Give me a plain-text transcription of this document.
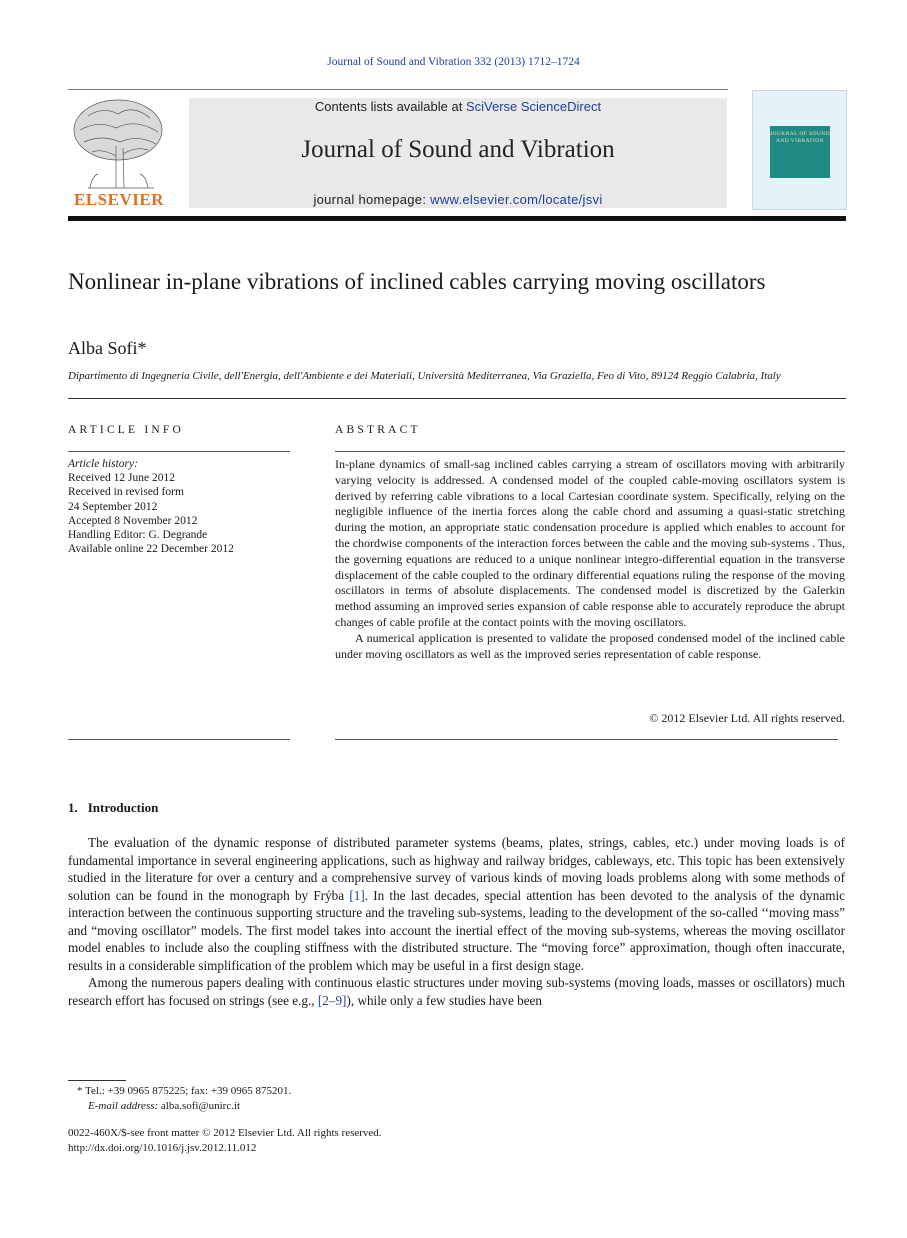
Journal of Sound and Vibration 332 (2013) 1712–1724
ELSEVIER
Contents lists available at SciVerse ScienceDirect
Journal of Sound and Vibration
journal homepage: www.elsevier.com/locate/jsvi
JOURNAL OF SOUND AND VIBRATION
Nonlinear in-plane vibrations of inclined cables carrying moving oscillators
Alba Sofi*
Dipartimento di Ingegneria Civile, dell'Energia, dell'Ambiente e dei Materiali, Università Mediterranea, Via Graziella, Feo di Vito, 89124 Reggio Calabria, Italy
ARTICLE INFO
Article history:
Received 12 June 2012
Received in revised form
24 September 2012
Accepted 8 November 2012
Handling Editor: G. Degrande
Available online 22 December 2012
ABSTRACT

In-plane dynamics of small-sag inclined cables carrying a stream of oscillators moving with arbitrarily varying velocity is addressed. A condensed model of the coupled cable-moving oscillators system is derived by referring cable vibrations to a local Cartesian coordinate system. Specifically, relying on the negligible influence of the inertia forces along the cable chord and assuming a quasi-static stretching during the motion, an appropriate static condensation procedure is applied which enables to account for the chordwise components of the interaction forces between the cable and the moving sub-systems . Thus, the governing equations are reduced to a unique nonlinear integro-differential equation in the transverse displacement of the cable coupled to the ordinary differential equations ruling the response of the moving oscillators in terms of absolute displacements. The condensed model is discretized by the Galerkin method assuming an improved series expansion of cable response able to accurately reproduce the abrupt changes of cable profile at the contact points with the moving oscillators.

A numerical application is presented to validate the proposed condensed model of the inclined cable under moving oscillators as well as the improved series representation of cable response.

© 2012 Elsevier Ltd. All rights reserved.
1. Introduction

The evaluation of the dynamic response of distributed parameter systems (beams, plates, strings, cables, etc.) under moving loads is of fundamental importance in several engineering applications, such as highway and railway bridges, cableways, etc. This topic has been extensively studied in the literature for over a century and a comprehensive survey of various kinds of moving loads problems along with some methods of solution can be found in the monograph by Frýba [1]. In the last decades, special attention has been devoted to the analysis of the dynamic interaction between the continuous supporting structure and the traveling sub-systems, leading to the development of the so-called ‘‘moving mass” and “moving oscillator” models. The first model takes into account the inertial effect of the moving sub-systems, whereas the moving oscillator model enables to include also the coupling stiffness with the distributed structure. The “moving force” approximation, though often inaccurate, results in a considerable simplification of the problem which may be useful in a first design stage.

Among the numerous papers dealing with continuous elastic structures under moving sub-systems (moving loads, masses or oscillators) much research effort has focused on strings (see e.g., [2–9]), while only a few studies have been

* Tel.: +39 0965 875225; fax: +39 0965 875201.
E-mail address: alba.sofi@unirc.it
0022-460X/$-see front matter © 2012 Elsevier Ltd. All rights reserved.
http://dx.doi.org/10.1016/j.jsv.2012.11.012
